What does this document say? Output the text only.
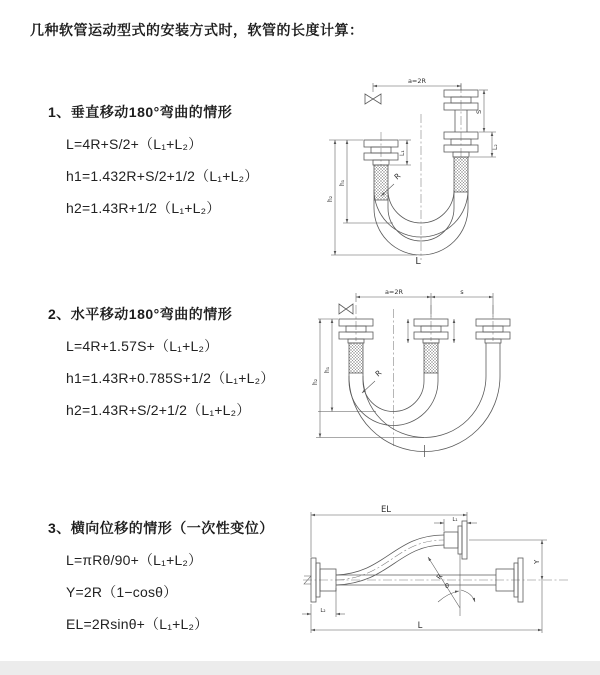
几种软管运动型式的安装方式时，软管的长度计算：
1、垂直移动180°弯曲的情形
L=4R+S/2+（L₁+L₂）
h1=1.432R+S/2+1/2（L₁+L₂）
h2=1.43R+1/2（L₁+L₂）
2、水平移动180°弯曲的情形
L=4R+1.57S+（L₁+L₂）
h1=1.43R+0.785S+1/2（L₁+L₂）
h2=1.43R+S/2+1/2（L₁+L₂）
3、横向位移的情形（一次性变位）
L=πRθ/90+（L₁+L₂）
Y=2R（1−cosθ）
EL=2Rsinθ+（L₁+L₂）
a=2R
L₁
S
L₂
h₁
h₂
R
L
a=2R	s
h₁
h₂
R
EL
L₁
Y
R
θ
L
L₂
